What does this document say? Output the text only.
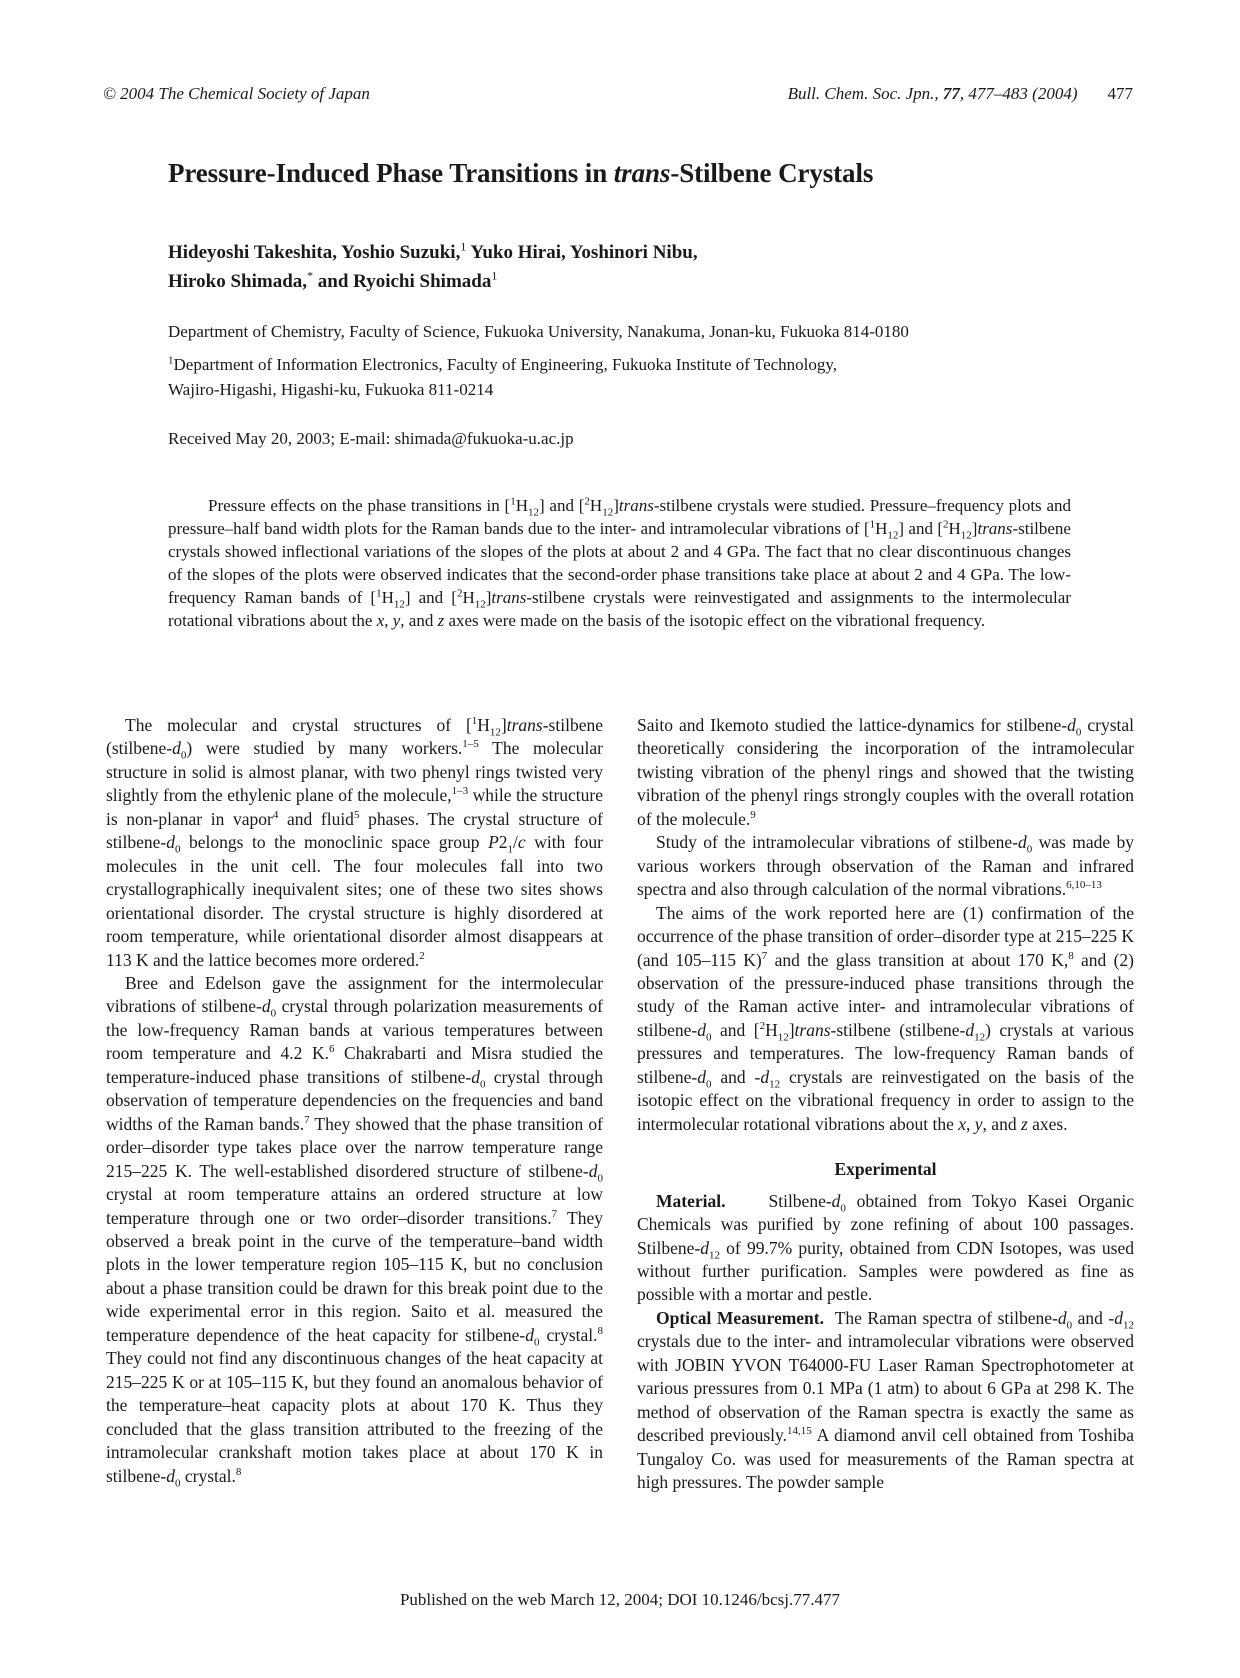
© 2004 The Chemical Society of Japan	Bull. Chem. Soc. Jpn., 77, 477–483 (2004) 477
Pressure-Induced Phase Transitions in trans-Stilbene Crystals
Hideyoshi Takeshita, Yoshio Suzuki,$^1$ Yuko Hirai, Yoshinori Nibu,
Hiroko Shimada,* and Ryoichi Shimada$^1$
Department of Chemistry, Faculty of Science, Fukuoka University, Nanakuma, Jonan-ku, Fukuoka 814-0180
$^1$Department of Information Electronics, Faculty of Engineering, Fukuoka Institute of Technology,
Wajiro-Higashi, Higashi-ku, Fukuoka 811-0214
Received May 20, 2003; E-mail: shimada@fukuoka-u.ac.jp
Pressure effects on the phase transitions in $[^1H_{12}]$ and $[^2H_{12}]trans$-stilbene crystals were studied. Pressure–frequency plots and pressure–half band width plots for the Raman bands due to the inter- and intramolecular vibrations of $[^1H_{12}]$ and $[^2H_{12}]trans$-stilbene crystals showed inflectional variations of the slopes of the plots at about 2 and 4 GPa. The fact that no clear discontinuous changes of the slopes of the plots were observed indicates that the second-order phase transitions take place at about 2 and 4 GPa. The low-frequency Raman bands of $[^1H_{12}]$ and $[^2H_{12}]trans$-stilbene crystals were reinvestigated and assignments to the intermolecular rotational vibrations about the x, y, and z axes were made on the basis of the isotopic effect on the vibrational frequency.

The molecular and crystal structures of $[^1H_{12}]trans$-stilbene $(stilbene-d_0)$ were studied by many workers.$^{1-5}$ The molecular structure in solid is almost planar, with two phenyl rings twisted very slightly from the ethylenic plane of the molecule,$^{1-3}$ while the structure is non-planar in vapor$^4$ and fluid$^5$ phases. The crystal structure of stilbene-$d_0$ belongs to the monoclinic space group $P2_1/c$ with four molecules in the unit cell. The four molecules fall into two crystallographically inequivalent sites; one of these two sites shows orientational disorder. The crystal structure is highly disordered at room temperature, while orientational disorder almost disappears at 113 K and the lattice becomes more ordered.$^2$

Bree and Edelson gave the assignment for the intermolecular vibrations of stilbene-$d_0$ crystal through polarization measurements of the low-frequency Raman bands at various temperatures between room temperature and 4.2 K.$^6$ Chakrabarti and Misra studied the temperature-induced phase transitions of stilbene-$d_0$ crystal through observation of temperature dependencies on the frequencies and band widths of the Raman bands.$^7$ They showed that the phase transition of order–disorder type takes place over the narrow temperature range 215–225 K. The well-established disordered structure of stilbene-$d_0$ crystal at room temperature attains an ordered structure at low temperature through one or two order–disorder transitions.$^7$ They observed a break point in the curve of the temperature–band width plots in the lower temperature region 105–115 K, but no conclusion about a phase transition could be drawn for this break point due to the wide experimental error in this region. Saito et al. measured the temperature dependence of the heat capacity for stilbene-$d_0$ crystal.$^8$ They could not find any discontinuous changes of the heat capacity at 215–225 K or at 105–115 K, but they found an anomalous behavior of the temperature–heat capacity plots at about 170 K. Thus they concluded that the glass transition attributed to the freezing of the intramolecular crankshaft motion takes place at about 170 K in stilbene-$d_0$ crystal.$^8$

Saito and Ikemoto studied the lattice-dynamics for stilbene-$d_0$ crystal theoretically considering the incorporation of the intramolecular twisting vibration of the phenyl rings and showed that the twisting vibration of the phenyl rings strongly couples with the overall rotation of the molecule.$^9$

Study of the intramolecular vibrations of stilbene-$d_0$ was made by various workers through observation of the Raman and infrared spectra and also through calculation of the normal vibrations.$^{6,10-13}$

The aims of the work reported here are (1) confirmation of the occurrence of the phase transition of order–disorder type at 215–225 K (and 105–115 K)$^7$ and the glass transition at about 170 K,$^8$ and (2) observation of the pressure-induced phase transitions through the study of the Raman active inter- and intramolecular vibrations of stilbene-$d_0$ and $[^2H_{12}]trans$-stilbene $(stilbene-d_{12})$ crystals at various pressures and temperatures. The low-frequency Raman bands of stilbene-$d_0$ and $-d_{12}$ crystals are reinvestigated on the basis of the isotopic effect on the vibrational frequency in order to assign to the intermolecular rotational vibrations about the x, y, and z axes.

Experimental

Material.    Stilbene-$d_0$ obtained from Tokyo Kasei Organic Chemicals was purified by zone refining of about 100 passages. Stilbene-$d_{12}$ of 99.7% purity, obtained from CDN Isotopes, was used without further purification. Samples were powdered as fine as possible with a mortar and pestle.

Optical Measurement.  The Raman spectra of stilbene-$d_0$ and $-d_{12}$ crystals due to the inter- and intramolecular vibrations were observed with JOBIN YVON T64000-FU Laser Raman Spectrophotometer at various pressures from 0.1 MPa (1 atm) to about 6 GPa at 298 K. The method of observation of the Raman spectra is exactly the same as described previously.$^{14,15}$ A diamond anvil cell obtained from Toshiba Tungaloy Co. was used for measurements of the Raman spectra at high pressures. The powder sample

Published on the web March 12, 2004; DOI 10.1246/bcsj.77.477
